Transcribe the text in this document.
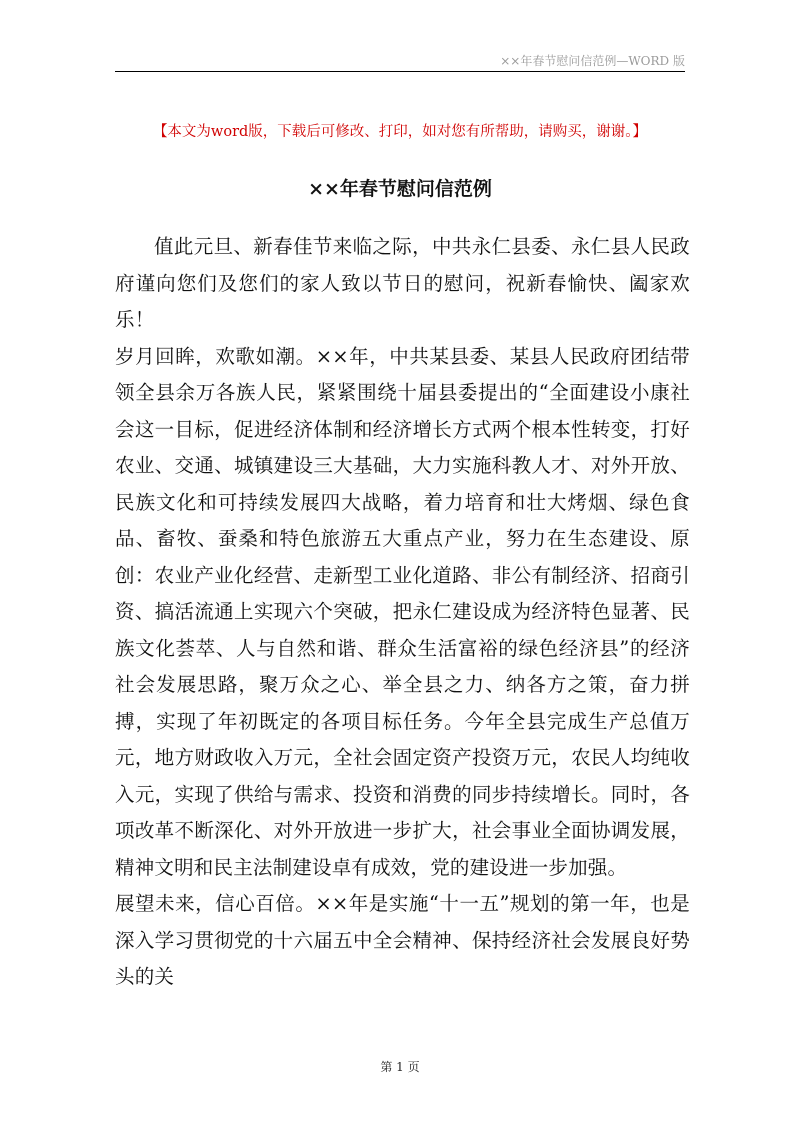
××年春节慰问信范例—WORD 版
【本文为word版，下载后可修改、打印，如对您有所帮助，请购买，谢谢。】
××年春节慰问信范例

值此元旦、新春佳节来临之际，中共永仁县委、永仁县人民政府谨向您们及您们的家人致以节日的慰问，祝新春愉快、阖家欢乐！

岁月回眸，欢歌如潮。××年，中共某县委、某县人民政府团结带领全县余万各族人民，紧紧围绕十届县委提出的“全面建设小康社会这一目标，促进经济体制和经济增长方式两个根本性转变，打好农业、交通、城镇建设三大基础，大力实施科教人才、对外开放、民族文化和可持续发展四大战略，着力培育和壮大烤烟、绿色食品、畜牧、蚕桑和特色旅游五大重点产业，努力在生态建设、原创：农业产业化经营、走新型工业化道路、非公有制经济、招商引资、搞活流通上实现六个突破，把永仁建设成为经济特色显著、民族文化荟萃、人与自然和谐、群众生活富裕的绿色经济县”的经济社会发展思路，聚万众之心、举全县之力、纳各方之策，奋力拼搏，实现了年初既定的各项目标任务。今年全县完成生产总值万元，地方财政收入万元，全社会固定资产投资万元，农民人均纯收入元，实现了供给与需求、投资和消费的同步持续增长。同时，各项改革不断深化、对外开放进一步扩大，社会事业全面协调发展，精神文明和民主法制建设卓有成效，党的建设进一步加强。

展望未来，信心百倍。××年是实施“十一五”规划的第一年，也是深入学习贯彻党的十六届五中全会精神、保持经济社会发展良好势头的关

第 1 页
